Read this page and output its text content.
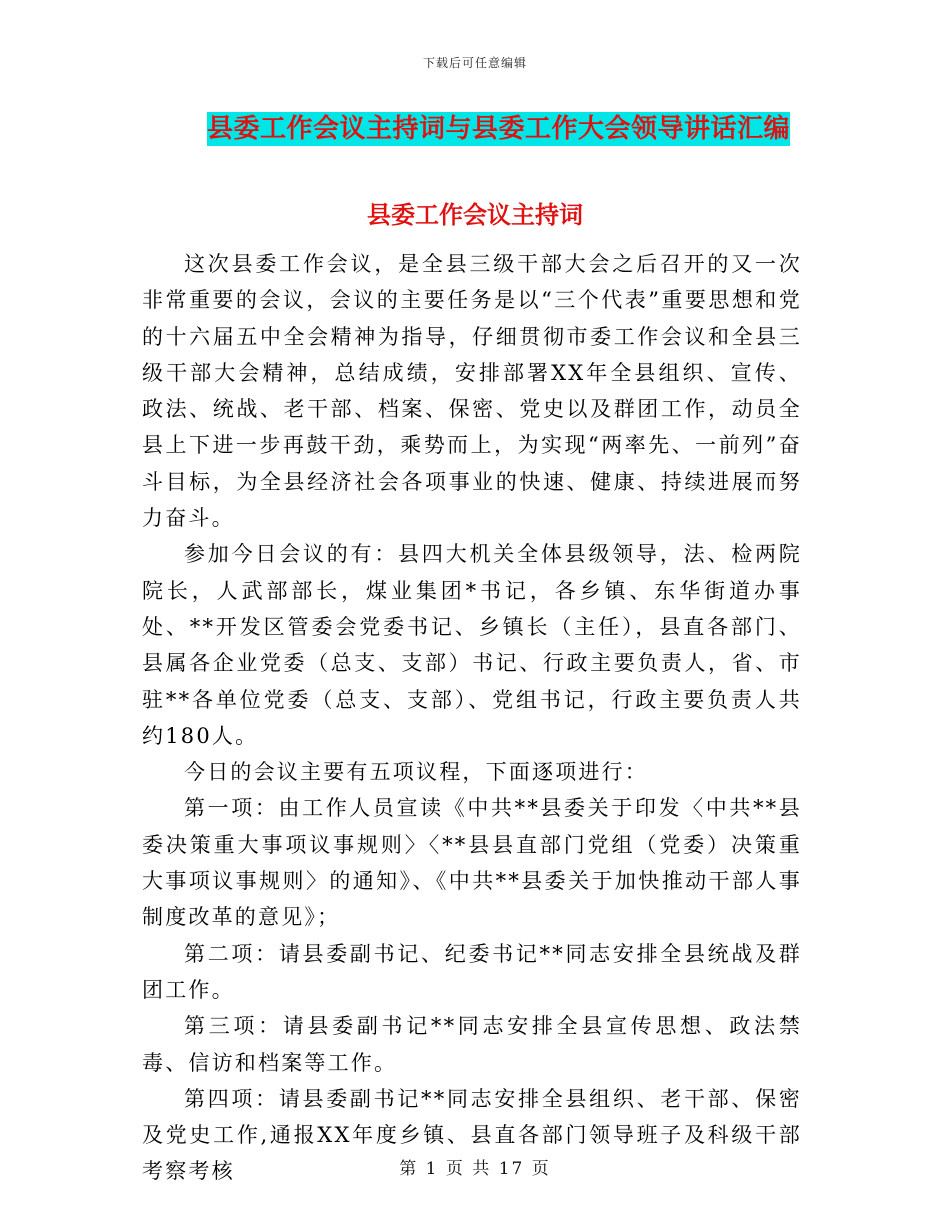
下载后可任意编辑
县委工作会议主持词与县委工作大会领导讲话汇编
县委工作会议主持词

这次县委工作会议，是全县三级干部大会之后召开的又一次非常重要的会议，会议的主要任务是以“三个代表”重要思想和党的十六届五中全会精神为指导，仔细贯彻市委工作会议和全县三级干部大会精神，总结成绩，安排部署XX年全县组织、宣传、政法、统战、老干部、档案、保密、党史以及群团工作，动员全县上下进一步再鼓干劲，乘势而上，为实现“两率先、一前列”奋斗目标，为全县经济社会各项事业的快速、健康、持续进展而努力奋斗。

参加今日会议的有：县四大机关全体县级领导，法、检两院院长，人武部部长，煤业集团*书记，各乡镇、东华街道办事处、**开发区管委会党委书记、乡镇长（主任），县直各部门、县属各企业党委（总支、支部）书记、行政主要负责人，省、市驻**各单位党委（总支、支部）、党组书记，行政主要负责人共约180人。

今日的会议主要有五项议程，下面逐项进行：

第一项：由工作人员宣读《中共**县委关于印发〈中共**县委决策重大事项议事规则〉〈**县县直部门党组（党委）决策重大事项议事规则〉的通知》、《中共**县委关于加快推动干部人事制度改革的意见》；

第二项：请县委副书记、纪委书记**同志安排全县统战及群团工作。

第三项：请县委副书记**同志安排全县宣传思想、政法禁毒、信访和档案等工作。

第四项：请县委副书记**同志安排全县组织、老干部、保密及党史工作,通报XX年度乡镇、县直各部门领导班子及科级干部考察考核	第 1 页 共 17 页
